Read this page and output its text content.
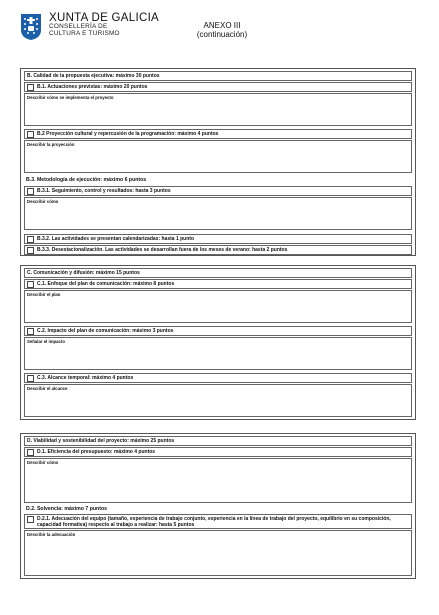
XUNTA DE GALICIA
CONSELLERÍA DE
CULTURA E TURISMO
ANEXO III
(continuación)
B. Calidad de la propuesta ejecutiva: máximo 30 puntos
B.1. Actuaciones previstas: máximo 20 puntos
Describir cómo se implementa el proyecto
B.2 Proyección cultural y repercusión de la programación: máximo 4 puntos
Describir la proyección
B.3. Metodología de ejecución: máximo 6 puntos
B.3.1. Seguimiento, control y resultados: hasta 3 puntos
Describir cómo
B.3.2. Las actividades se presentan calendarizadas: hasta 1 punto
B.3.3. Desestacionalización. Las actividades se desarrollan fuera de los meses de verano: hasta 2 puntos
C. Comunicación y difusión: máximo 15 puntos
C.1. Enfoque del plan de comunicación: máximo 8 puntos
Describir el plan
C.2. Impacto del plan de comunicación: máximo 3 puntos
Señalar el impacto
C.3. Alcance temporal: máximo 4 puntos
Describir el alcance
D. Viabilidad y sostenibilidad del proyecto: máximo 25 puntos
D.1. Eficiencia del presupuesto: máximo 4 puntos
Describir cómo
D.2. Solvencia: máximo 7 puntos
D.2.1. Adecuación del equipo (tamaño, experiencia de trabajo conjunto, experiencia en la línea de trabajo del proyecto, equilibrio en su composición, capacidad formativa) respecto al trabajo a realizar: hasta 5 puntos
Describir la adecuación
